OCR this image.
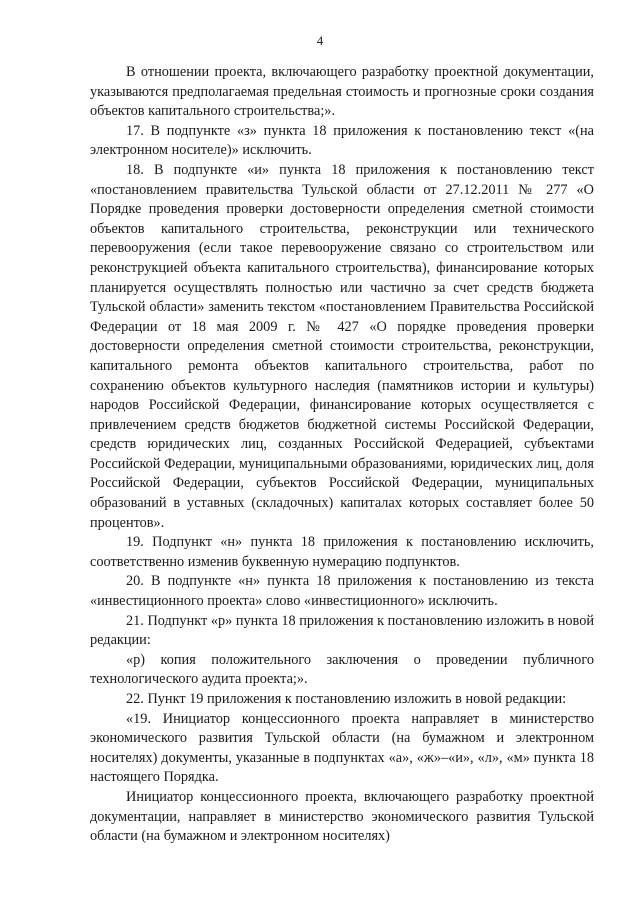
4

В отношении проекта, включающего разработку проектной документации, указываются предполагаемая предельная стоимость и прогнозные сроки создания объектов капитального строительства;».

17. В подпункте «з» пункта 18 приложения к постановлению текст «(на электронном носителе)» исключить.

18. В подпункте «и» пункта 18 приложения к постановлению текст «постановлением правительства Тульской области от 27.12.2011 № 277 «О Порядке проведения проверки достоверности определения сметной стоимости объектов капитального строительства, реконструкции или технического перевооружения (если такое перевооружение связано со строительством или реконструкцией объекта капитального строительства), финансирование которых планируется осуществлять полностью или частично за счет средств бюджета Тульской области» заменить текстом «постановлением Правительства Российской Федерации от 18 мая 2009 г. № 427 «О порядке проведения проверки достоверности определения сметной стоимости строительства, реконструкции, капитального ремонта объектов капитального строительства, работ по сохранению объектов культурного наследия (памятников истории и культуры) народов Российской Федерации, финансирование которых осуществляется с привлечением средств бюджетов бюджетной системы Российской Федерации, средств юридических лиц, созданных Российской Федерацией, субъектами Российской Федерации, муниципальными образованиями, юридических лиц, доля Российской Федерации, субъектов Российской Федерации, муниципальных образований в уставных (складочных) капиталах которых составляет более 50 процентов».

19. Подпункт «н» пункта 18 приложения к постановлению исключить, соответственно изменив буквенную нумерацию подпунктов.

20. В подпункте «н» пункта 18 приложения к постановлению из текста «инвестиционного проекта» слово «инвестиционного» исключить.

21. Подпункт «р» пункта 18 приложения к постановлению изложить в новой редакции:

«р) копия положительного заключения о проведении публичного технологического аудита проекта;».

22. Пункт 19 приложения к постановлению изложить в новой редакции:

«19. Инициатор концессионного проекта направляет в министерство экономического развития Тульской области (на бумажном и электронном носителях) документы, указанные в подпунктах «а», «ж»–«и», «л», «м» пункта 18 настоящего Порядка.

Инициатор концессионного проекта, включающего разработку проектной документации, направляет в министерство экономического развития Тульской области (на бумажном и электронном носителях)
